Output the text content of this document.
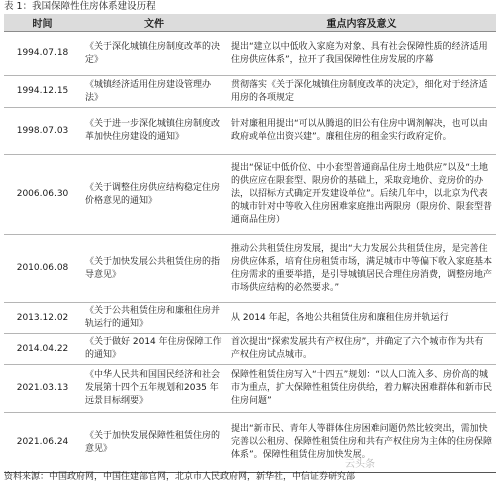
表 1：我国保障性住房体系建设历程
时间	文件	重点内容及意义
1994.07.18	《关于深化城镇住房制度改革的决定》	提出“建立以中低收入家庭为对象、具有社会保障性质的经济适用住房供应体系”，拉开了我国保障性住房发展的序幕
1994.12.15	《城镇经济适用住房建设管理办法》	贯彻落实《关于深化城镇住房制度改革的决定》，细化对于经济适用房的各项规定
1998.07.03	《关于进一步深化城镇住房制度改革加快住房建设的通知》	针对廉租用提出“可以从腾退的旧公有住房中调剂解决，也可以由政府或单位出资兴建”。廉租住房的租金实行政府定价。
2006.06.30	《关于调整住房供应结构稳定住房价格意见的通知》	提出“保证中低价位、中小套型普通商品住房土地供应”以及“土地的供应应在限套型、限房价的基础上，采取竞地价、竞房价的办法，以招标方式确定开发建设单位”。后续几年中，以北京为代表的城市针对中等收入住房困难家庭推出两限房（限房价、限套型普通商品住房）
2010.06.08	《关于加快发展公共租赁住房的指导意见》	推动公共租赁住房发展，提出“大力发展公共租赁住房，是完善住房供应体系，培育住房租赁市场，满足城市中等偏下收入家庭基本住房需求的重要举措，是引导城镇居民合理住房消费，调整房地产市场供应结构的必然要求。”
2013.12.02	《关于公共租赁住房和廉租住房并轨运行的通知》	从 2014 年起，各地公共租赁住房和廉租住房并轨运行
2014.04.22	《关于做好 2014 年住房保障工作的通知》	首次提出“探索发展共有产权住房”，并确定了六个城市作为共有产权住房试点城市。
2021.03.13	《中华人民共和国国民经济和社会发展第十四个五年规划和2035 年远景目标纲要》	保障性租赁住房写入“十四五”规划：“以人口流入多、房价高的城市为重点，扩大保障性租赁住房供给，着力解决困难群体和新市民住房问题”
2021.06.24	《关于加快发展保障性租赁住房的意见》	提出“新市民、青年人等群体住房困难问题仍然比较突出，需加快完善以公租房、保障性租赁住房和共有产权住房为主体的住房保障体系”。保障性租赁住房加快发展。
资料来源：中国政府网，中国住建部官网，北京市人民政府网，新华社，中信证券研究部
云头条
